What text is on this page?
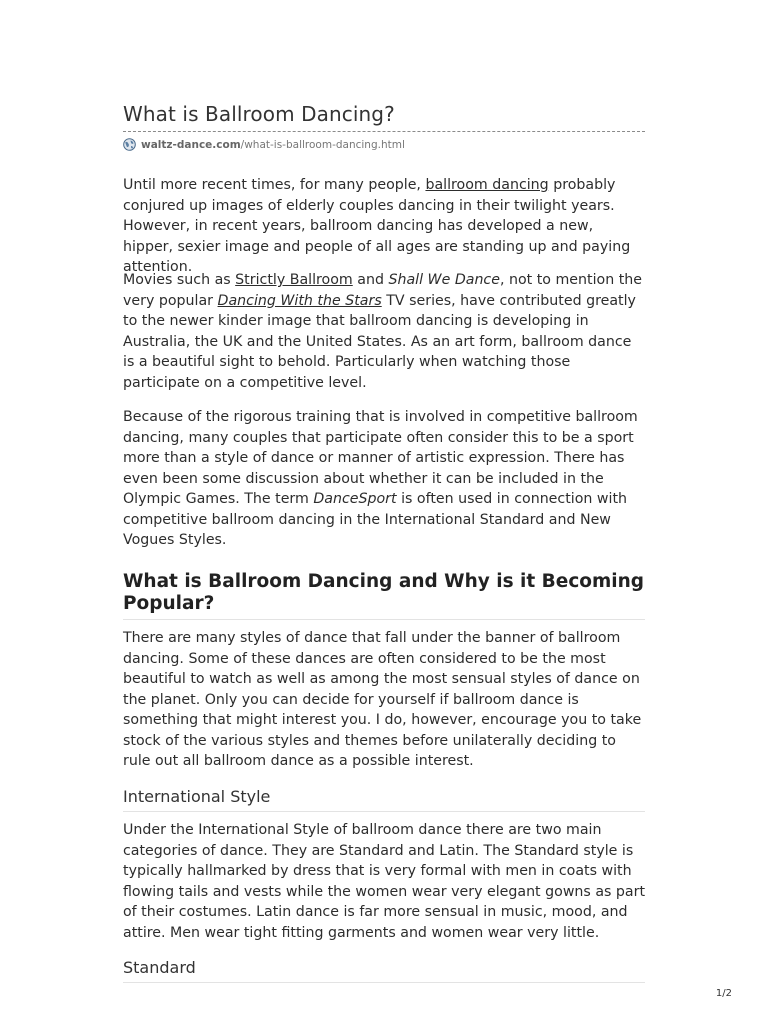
What is Ballroom Dancing?
waltz-dance.com/what-is-ballroom-dancing.html

Until more recent times, for many people, ballroom dancing probably conjured up images of elderly couples dancing in their twilight years. However, in recent years, ballroom dancing has developed a new, hipper, sexier image and people of all ages are standing up and paying attention.

Movies such as Strictly Ballroom and Shall We Dance, not to mention the very popular Dancing With the Stars TV series, have contributed greatly to the newer kinder image that ballroom dancing is developing in Australia, the UK and the United States. As an art form, ballroom dance is a beautiful sight to behold. Particularly when watching those participate on a competitive level.

Because of the rigorous training that is involved in competitive ballroom dancing, many couples that participate often consider this to be a sport more than a style of dance or manner of artistic expression. There has even been some discussion about whether it can be included in the Olympic Games. The term DanceSport is often used in connection with competitive ballroom dancing in the International Standard and New Vogues Styles.

What is Ballroom Dancing and Why is it Becoming Popular?

There are many styles of dance that fall under the banner of ballroom dancing. Some of these dances are often considered to be the most beautiful to watch as well as among the most sensual styles of dance on the planet. Only you can decide for yourself if ballroom dance is something that might interest you. I do, however, encourage you to take stock of the various styles and themes before unilaterally deciding to rule out all ballroom dance as a possible interest.

International Style

Under the International Style of ballroom dance there are two main categories of dance. They are Standard and Latin. The Standard style is typically hallmarked by dress that is very formal with men in coats with flowing tails and vests while the women wear very elegant gowns as part of their costumes. Latin dance is far more sensual in music, mood, and attire. Men wear tight fitting garments and women wear very little.

Standard
1/2
